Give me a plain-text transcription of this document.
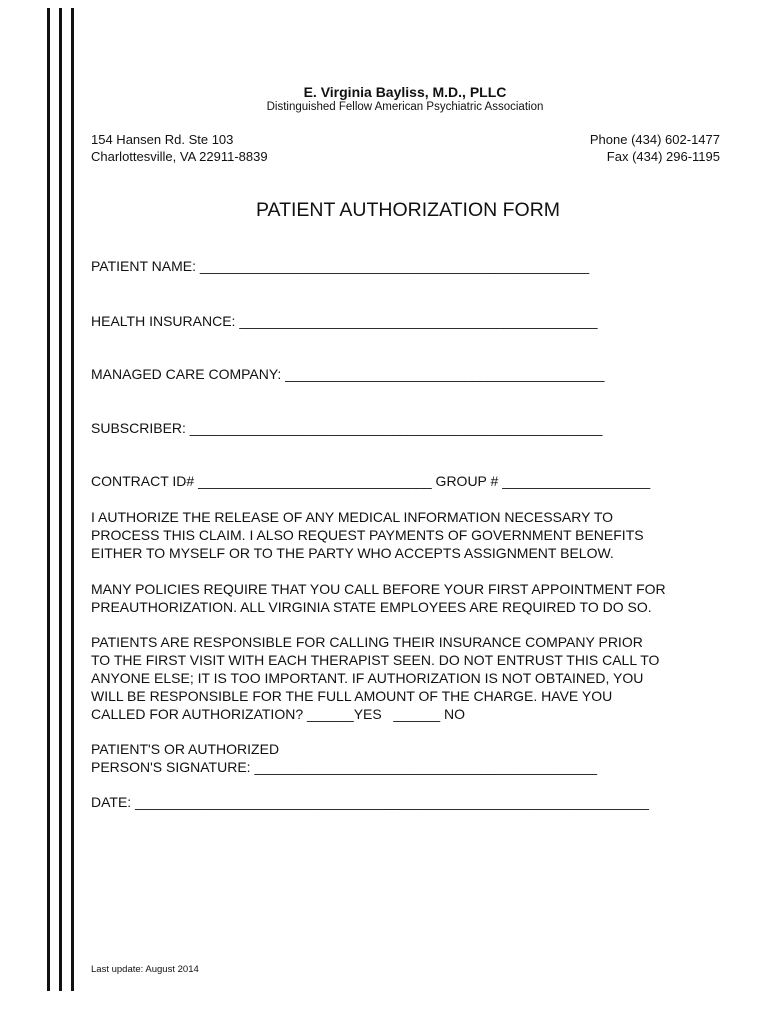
E. Virginia Bayliss, M.D., PLLC
Distinguished Fellow American Psychiatric Association
154 Hansen Rd. Ste 103
Charlottesville, VA 22911-8839
Phone (434) 602-1477
Fax (434) 296-1195
PATIENT AUTHORIZATION FORM
PATIENT NAME: __________________________________________________
HEALTH INSURANCE: ______________________________________________
MANAGED CARE COMPANY: _________________________________________
SUBSCRIBER: _____________________________________________________
CONTRACT ID# ______________________________ GROUP # ___________________
I AUTHORIZE THE RELEASE OF ANY MEDICAL INFORMATION NECESSARY TO
PROCESS THIS CLAIM. I ALSO REQUEST PAYMENTS OF GOVERNMENT BENEFITS
EITHER TO MYSELF OR TO THE PARTY WHO ACCEPTS ASSIGNMENT BELOW.
MANY POLICIES REQUIRE THAT YOU CALL BEFORE YOUR FIRST APPOINTMENT FOR
PREAUTHORIZATION. ALL VIRGINIA STATE EMPLOYEES ARE REQUIRED TO DO SO.
PATIENTS ARE RESPONSIBLE FOR CALLING THEIR INSURANCE COMPANY PRIOR
TO THE FIRST VISIT WITH EACH THERAPIST SEEN. DO NOT ENTRUST THIS CALL TO
ANYONE ELSE; IT IS TOO IMPORTANT. IF AUTHORIZATION IS NOT OBTAINED, YOU
WILL BE RESPONSIBLE FOR THE FULL AMOUNT OF THE CHARGE. HAVE YOU
CALLED FOR AUTHORIZATION? ______YES   ______ NO
PATIENT'S OR AUTHORIZED
PERSON'S SIGNATURE: ____________________________________________
DATE: __________________________________________________________________
Last update: August 2014
